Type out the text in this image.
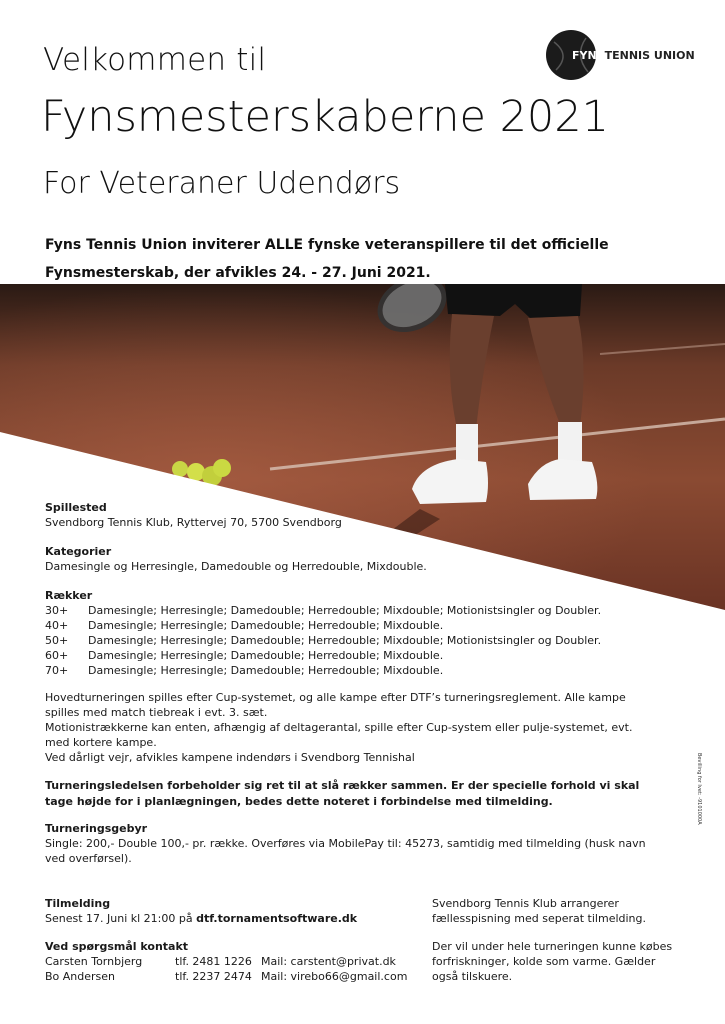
Velkommen til
Fynsmesterskaberne 2021
For Veteraner Udendørs
FYNSTENNIS UNION
Fyns Tennis Union inviterer ALLE fynske veteranspillere til det officielle
Fynsmesterskab, der afvikles 24. - 27. Juni 2021.

Spillested

Svendborg Tennis Klub, Ryttervej 70, 5700 Svendborg

Kategorier

Damesingle og Herresingle, Damedouble og Herredouble, Mixdouble.

Rækker

30+	Damesingle; Herresingle; Damedouble; Herredouble; Mixdouble; Motionistsingler og Doubler.
40+	Damesingle; Herresingle; Damedouble; Herredouble; Mixdouble.
50+	Damesingle; Herresingle; Damedouble; Herredouble; Mixdouble; Motionistsingler og Doubler.
60+	Damesingle; Herresingle; Damedouble; Herredouble; Mixdouble.
70+	Damesingle; Herresingle; Damedouble; Herredouble; Mixdouble.
Hovedturneringen spilles efter Cup-systemet, og alle kampe efter DTF’s turneringsreglement. Alle kampe spilles med match tiebreak i evt. 3. sæt.
Motionistrækkerne kan enten, afhængig af deltagerantal, spille efter Cup-system eller pulje-systemet, evt. med kortere kampe.
Ved dårligt vejr, afvikles kampene indendørs i Svendborg Tennishal
Turneringsledelsen forbeholder sig ret til at slå rækker sammen. Er der specielle forhold vi skal tage højde for i planlægningen, bedes dette noteret i forbindelse med tilmelding.

Turneringsgebyr

Single: 200,- Double 100,- pr. række. Overføres via MobilePay til: 45273, samtidig med tilmelding (husk navn ved overførsel).
Bevilling for Ivet: -9101000A

Tilmelding

Senest 17. Juni kl 21:00 på dtf.tornamentsoftware.dk

Ved spørgsmål kontakt

Carsten Tornbjerg	tlf. 2481 1226 Mail: carstent@privat.dk
Bo Andersen	tlf. 2237 2474 Mail: virebo66@gmail.com
Svendborg Tennis Klub arrangerer fællesspisning med seperat tilmelding.
Der vil under hele turneringen kunne købes forfriskninger, kolde som varme. Gælder også tilskuere.
